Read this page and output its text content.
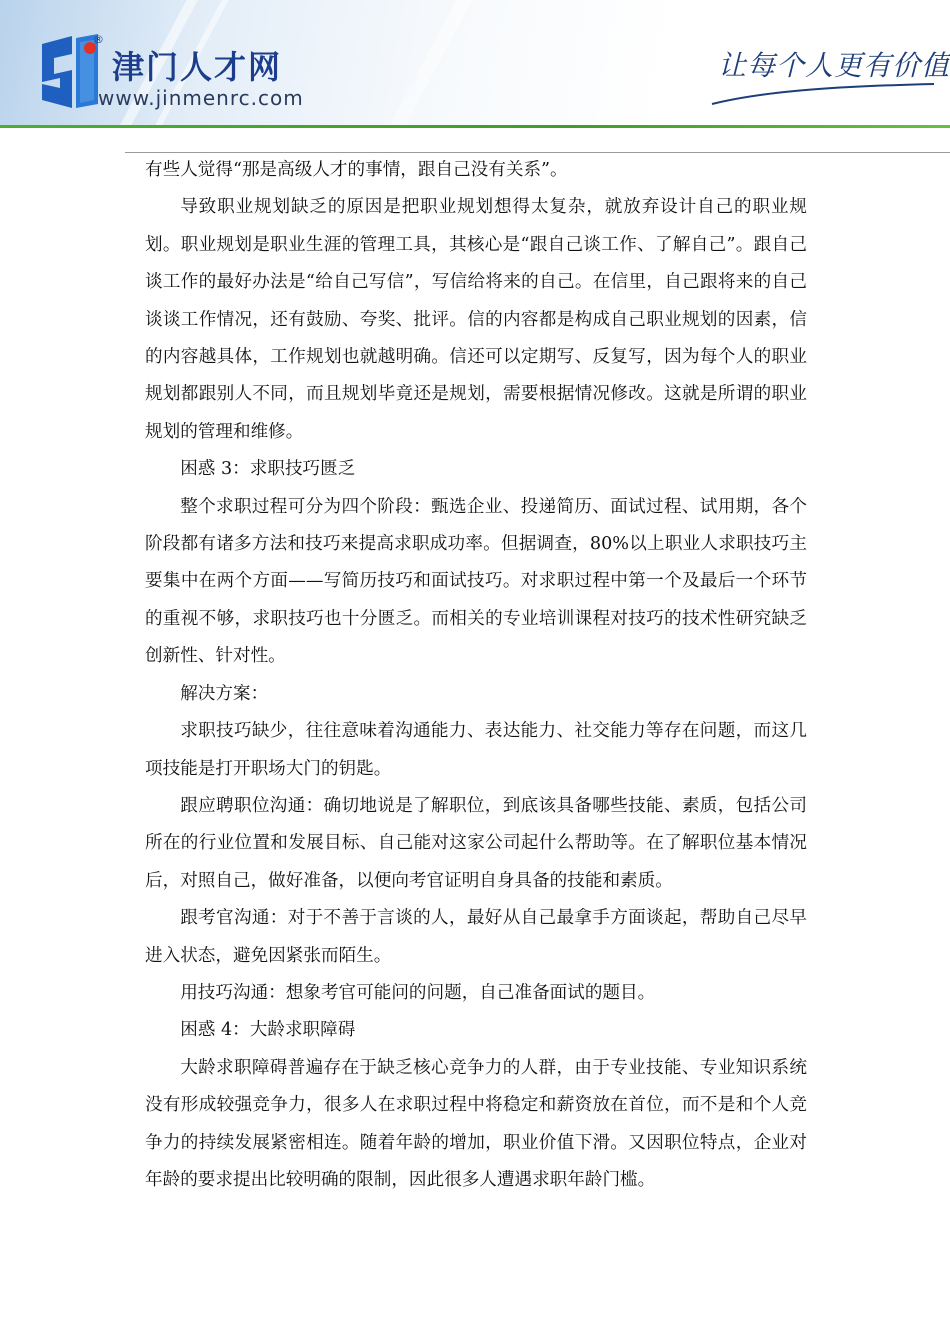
®
津门人才网
www.jinmenrc.com
让每个人更有价值

有些人觉得“那是高级人才的事情，跟自己没有关系”。

导致职业规划缺乏的原因是把职业规划想得太复杂，就放弃设计自己的职业规划。职业规划是职业生涯的管理工具，其核心是“跟自己谈工作、了解自己”。跟自己谈工作的最好办法是“给自己写信”，写信给将来的自己。在信里，自己跟将来的自己谈谈工作情况，还有鼓励、夸奖、批评。信的内容都是构成自己职业规划的因素，信的内容越具体，工作规划也就越明确。信还可以定期写、反复写，因为每个人的职业规划都跟别人不同，而且规划毕竟还是规划，需要根据情况修改。这就是所谓的职业规划的管理和维修。

困惑 3：求职技巧匮乏

整个求职过程可分为四个阶段：甄选企业、投递简历、面试过程、试用期，各个阶段都有诸多方法和技巧来提高求职成功率。但据调查，80%以上职业人求职技巧主要集中在两个方面——写简历技巧和面试技巧。对求职过程中第一个及最后一个环节的重视不够，求职技巧也十分匮乏。而相关的专业培训课程对技巧的技术性研究缺乏创新性、针对性。

解决方案：

求职技巧缺少，往往意味着沟通能力、表达能力、社交能力等存在问题，而这几项技能是打开职场大门的钥匙。

跟应聘职位沟通：确切地说是了解职位，到底该具备哪些技能、素质，包括公司所在的行业位置和发展目标、自己能对这家公司起什么帮助等。在了解职位基本情况后，对照自己，做好准备，以便向考官证明自身具备的技能和素质。

跟考官沟通：对于不善于言谈的人，最好从自己最拿手方面谈起，帮助自己尽早进入状态，避免因紧张而陌生。

用技巧沟通：想象考官可能问的问题，自己准备面试的题目。

困惑 4：大龄求职障碍

大龄求职障碍普遍存在于缺乏核心竞争力的人群，由于专业技能、专业知识系统没有形成较强竞争力，很多人在求职过程中将稳定和薪资放在首位，而不是和个人竞争力的持续发展紧密相连。随着年龄的增加，职业价值下滑。又因职位特点，企业对年龄的要求提出比较明确的限制，因此很多人遭遇求职年龄门槛。
